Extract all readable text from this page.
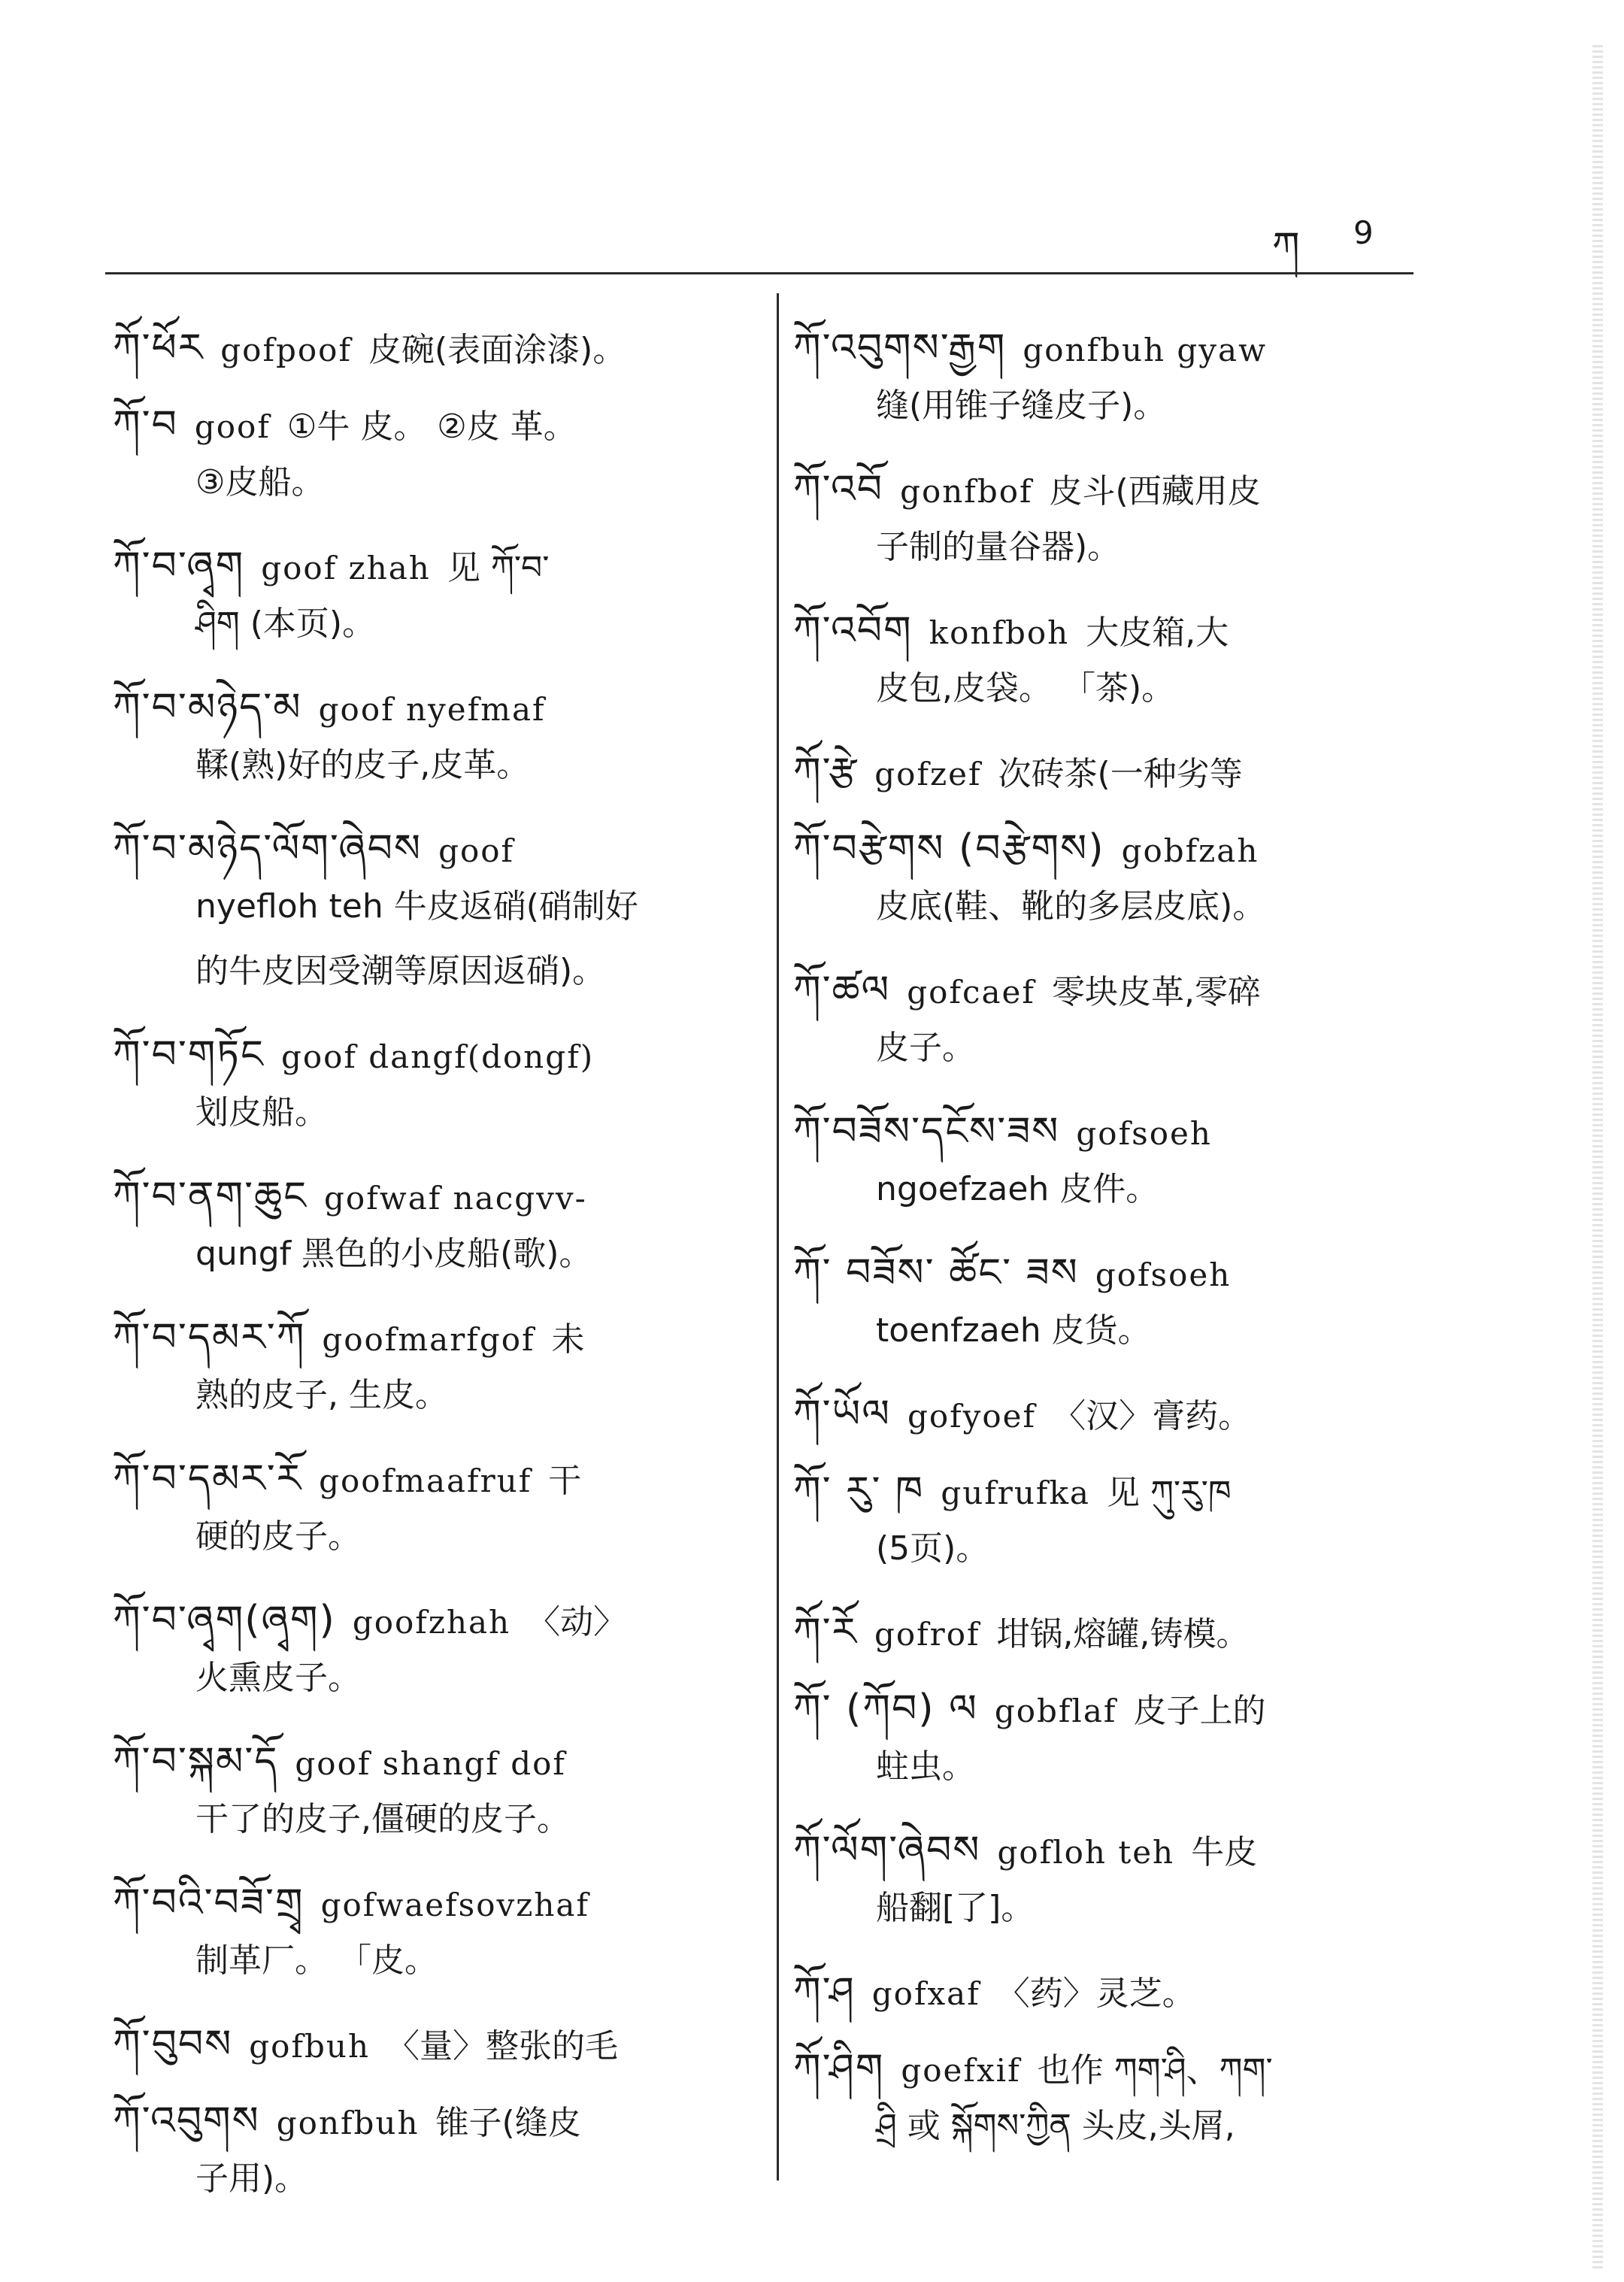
ཀ 9
ཀོ་ཕོར gofpoof 皮碗(表面涂漆)。
ཀོ་བ goof ①牛 皮。 ②皮 革。
③皮船。
ཀོ་བ་ཞྭག goof zhah 见 ཀོ་བ་
ཤིག (本页)。
ཀོ་བ་མཉེད་མ goof nyefmaf
鞣(熟)好的皮子,皮革。
ཀོ་བ་མཉེད་ལོག་ཞེབས goof
nyefloh teh 牛皮返硝(硝制好
的牛皮因受潮等原因返硝)。
ཀོ་བ་གཏོང goof dangf(dongf)
划皮船。
ཀོ་བ་ནག་ཆུང gofwaf nacgvv-
qungf 黑色的小皮船(歌)。
ཀོ་བ་དམར་ཀོ goofmarfgof 未
熟的皮子, 生皮。
ཀོ་བ་དམར་རོ goofmaafruf 干
硬的皮子。
ཀོ་བ་ཞྭག(ཞྭག) goofzhah 〈动〉
火熏皮子。
ཀོ་བ་སྐམ་དོ goof shangf dof
干了的皮子,僵硬的皮子。
ཀོ་བའི་བཟོ་གྲྭ gofwaefsovzhaf
制革厂。 「皮。
ཀོ་བུབས gofbuh 〈量〉整张的毛
ཀོ་འབུགས gonfbuh 锥子(缝皮
子用)。
ཀོ་འབུགས་རྒྱག gonfbuh gyaw
缝(用锥子缝皮子)。
ཀོ་འབོ gonfbof 皮斗(西藏用皮
子制的量谷器)。
ཀོ་འབོག konfboh 大皮箱,大
皮包,皮袋。 「茶)。
ཀོ་རྩེ gofzef 次砖茶(一种劣等
ཀོ་བརྩེགས (བརྩེགས) gobfzah
皮底(鞋、靴的多层皮底)。
ཀོ་ཚལ gofcaef 零块皮革,零碎
皮子。
ཀོ་བཟོས་དངོས་ཟས gofsoeh
ngoefzaeh 皮件。
ཀོ་ བཟོས་ ཚོང་ ཟས gofsoeh
toenfzaeh 皮货。
ཀོ་ཡོལ gofyoef 〈汉〉膏药。
ཀོ་ རུ་ ཁ gufrufka 见 ཀུ་རུ་ཁ
(5页)。
ཀོ་རོ gofrof 坩锅,熔罐,铸模。
ཀོ་ (ཀོབ) ལ gobflaf 皮子上的
蛀虫。
ཀོ་ལོག་ཞེབས gofloh teh 牛皮
船翻[了]。
ཀོ་ཤ gofxaf 〈药〉灵芝。
ཀོ་ཤིག goefxif 也作 ཀག་ཤི、ཀག་
ཤྲི 或 སྐོགས་ཀྱིན 头皮,头屑,
